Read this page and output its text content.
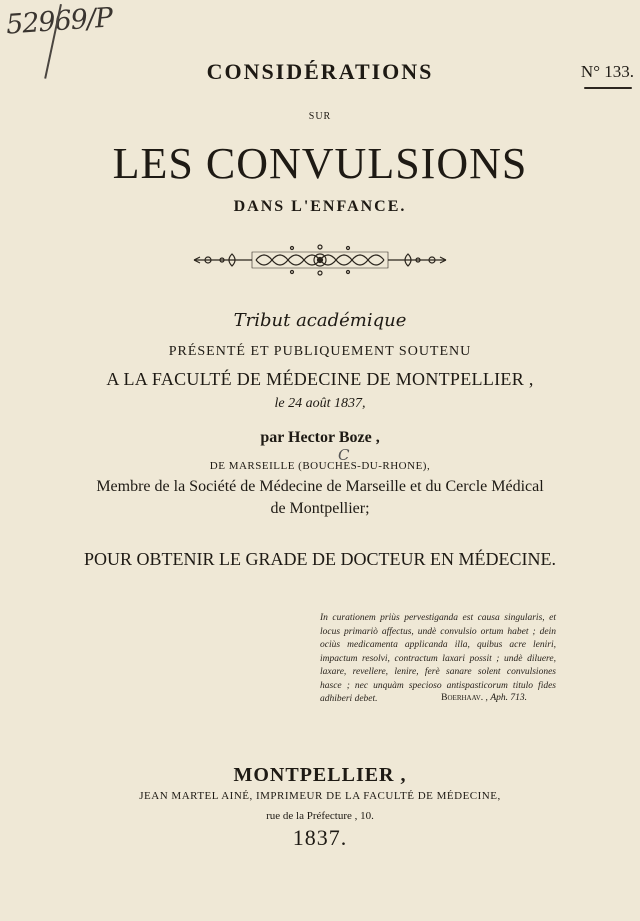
52969/P
N° 133.
CONSIDÉRATIONS
SUR
LES CONVULSIONS
DANS L'ENFANCE.
Tribut académique
PRÉSENTÉ ET PUBLIQUEMENT SOUTENU
A LA FACULTÉ DE MÉDECINE DE MONTPELLIER ,
le 24 août 1837,
par Hector Boze ,
C
DE MARSEILLE (BOUCHES-DU-RHONE),
Membre de la Société de Médecine de Marseille et du Cercle Médical
de Montpellier;
POUR OBTENIR LE GRADE DE DOCTEUR EN MÉDECINE.
In curationem priùs pervestiganda est causa singularis, et locus primariò affectus, undè convulsio ortum habet ; dein ociùs medicamenta applicanda illa, quibus acre leniri, impactum resolvi, contractum laxari possit ; undè diluere, laxare, revellere, lenire, ferè sanare solent convulsiones hasce ; nec unquàm specioso antispasticorum titulo fides adhiberi debet.	Boerhaav. , Aph. 713.
MONTPELLIER ,
JEAN MARTEL AINÉ, IMPRIMEUR DE LA FACULTÉ DE MÉDECINE,
rue de la Préfecture , 10.
1837.
